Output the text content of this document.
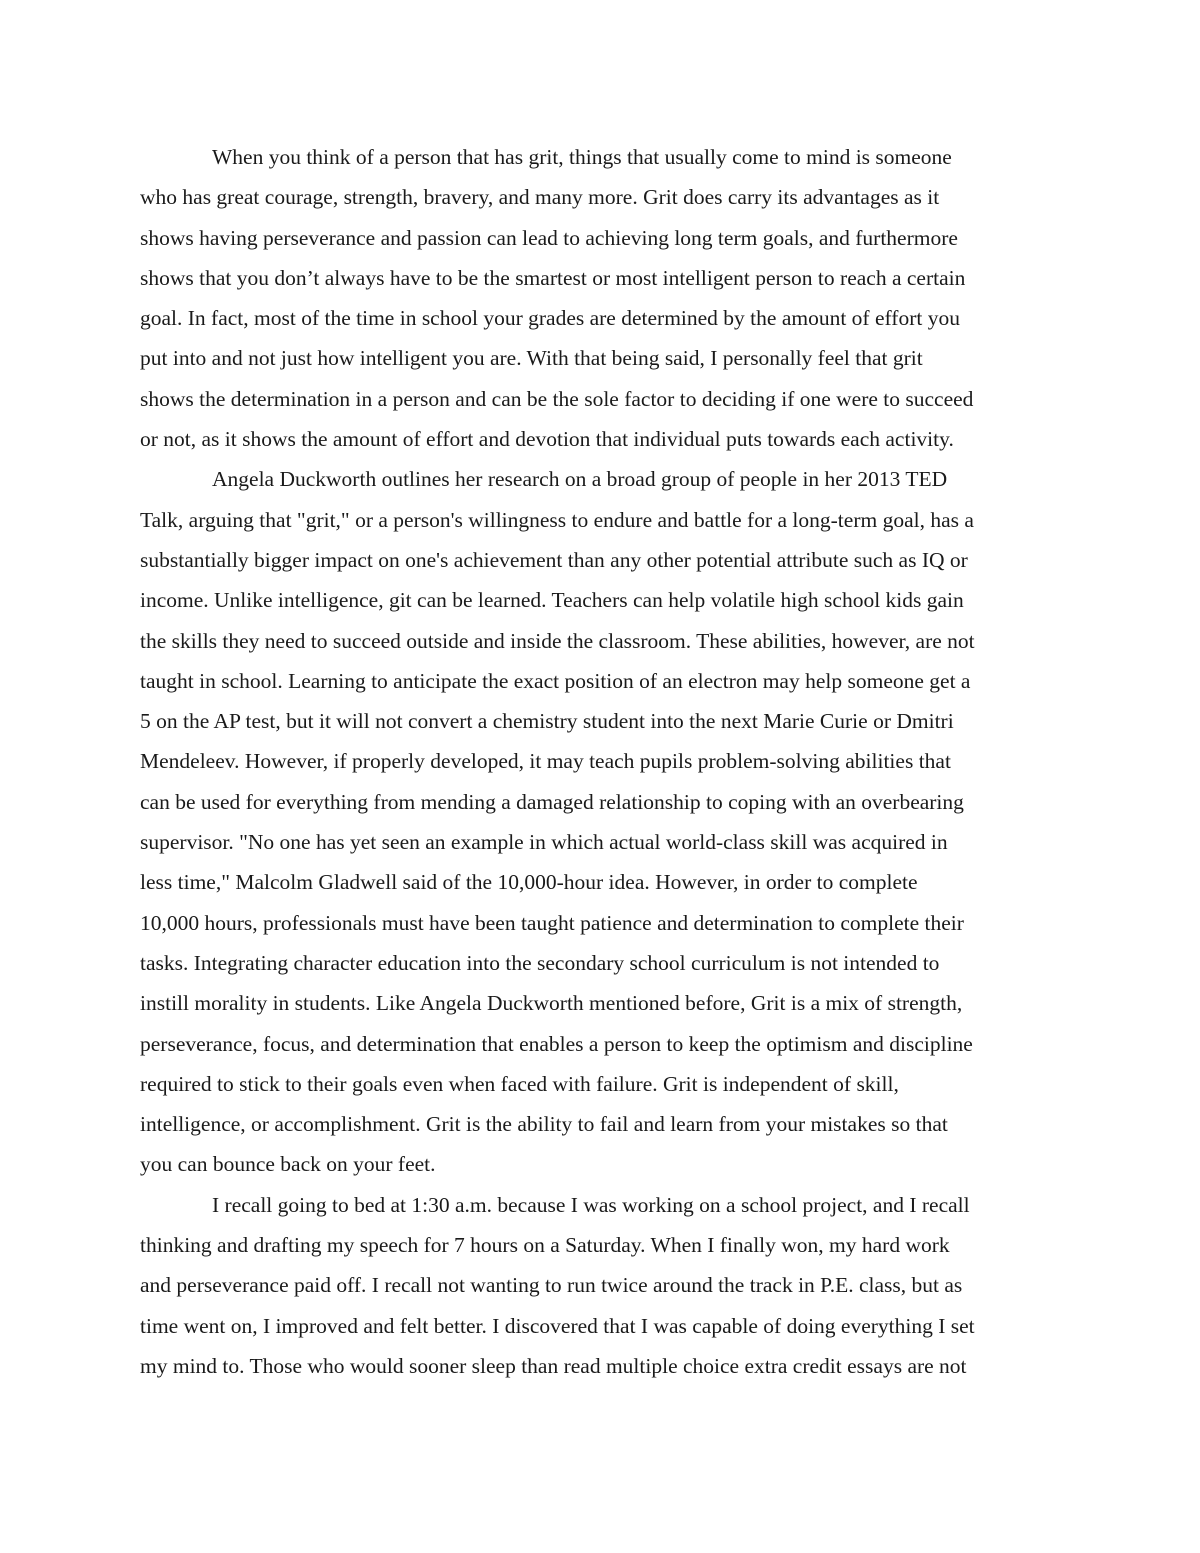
When you think of a person that has grit, things that usually come to mind is someone
who has great courage, strength, bravery, and many more. Grit does carry its advantages as it
shows having perseverance and passion can lead to achieving long term goals, and furthermore
shows that you don’t always have to be the smartest or most intelligent person to reach a certain
goal. In fact, most of the time in school your grades are determined by the amount of effort you
put into and not just how intelligent you are. With that being said, I personally feel that grit
shows the determination in a person and can be the sole factor to deciding if one were to succeed
or not, as it shows the amount of effort and devotion that individual puts towards each activity.
Angela Duckworth outlines her research on a broad group of people in her 2013 TED
Talk, arguing that "grit," or a person's willingness to endure and battle for a long-term goal, has a
substantially bigger impact on one's achievement than any other potential attribute such as IQ or
income. Unlike intelligence, git can be learned. Teachers can help volatile high school kids gain
the skills they need to succeed outside and inside the classroom. These abilities, however, are not
taught in school. Learning to anticipate the exact position of an electron may help someone get a
5 on the AP test, but it will not convert a chemistry student into the next Marie Curie or Dmitri
Mendeleev. However, if properly developed, it may teach pupils problem-solving abilities that
can be used for everything from mending a damaged relationship to coping with an overbearing
supervisor. "No one has yet seen an example in which actual world-class skill was acquired in
less time," Malcolm Gladwell said of the 10,000-hour idea. However, in order to complete
10,000 hours, professionals must have been taught patience and determination to complete their
tasks. Integrating character education into the secondary school curriculum is not intended to
instill morality in students. Like Angela Duckworth mentioned before, Grit is a mix of strength,
perseverance, focus, and determination that enables a person to keep the optimism and discipline
required to stick to their goals even when faced with failure. Grit is independent of skill,
intelligence, or accomplishment. Grit is the ability to fail and learn from your mistakes so that
you can bounce back on your feet.
I recall going to bed at 1:30 a.m. because I was working on a school project, and I recall
thinking and drafting my speech for 7 hours on a Saturday. When I finally won, my hard work
and perseverance paid off. I recall not wanting to run twice around the track in P.E. class, but as
time went on, I improved and felt better. I discovered that I was capable of doing everything I set
my mind to. Those who would sooner sleep than read multiple choice extra credit essays are not
